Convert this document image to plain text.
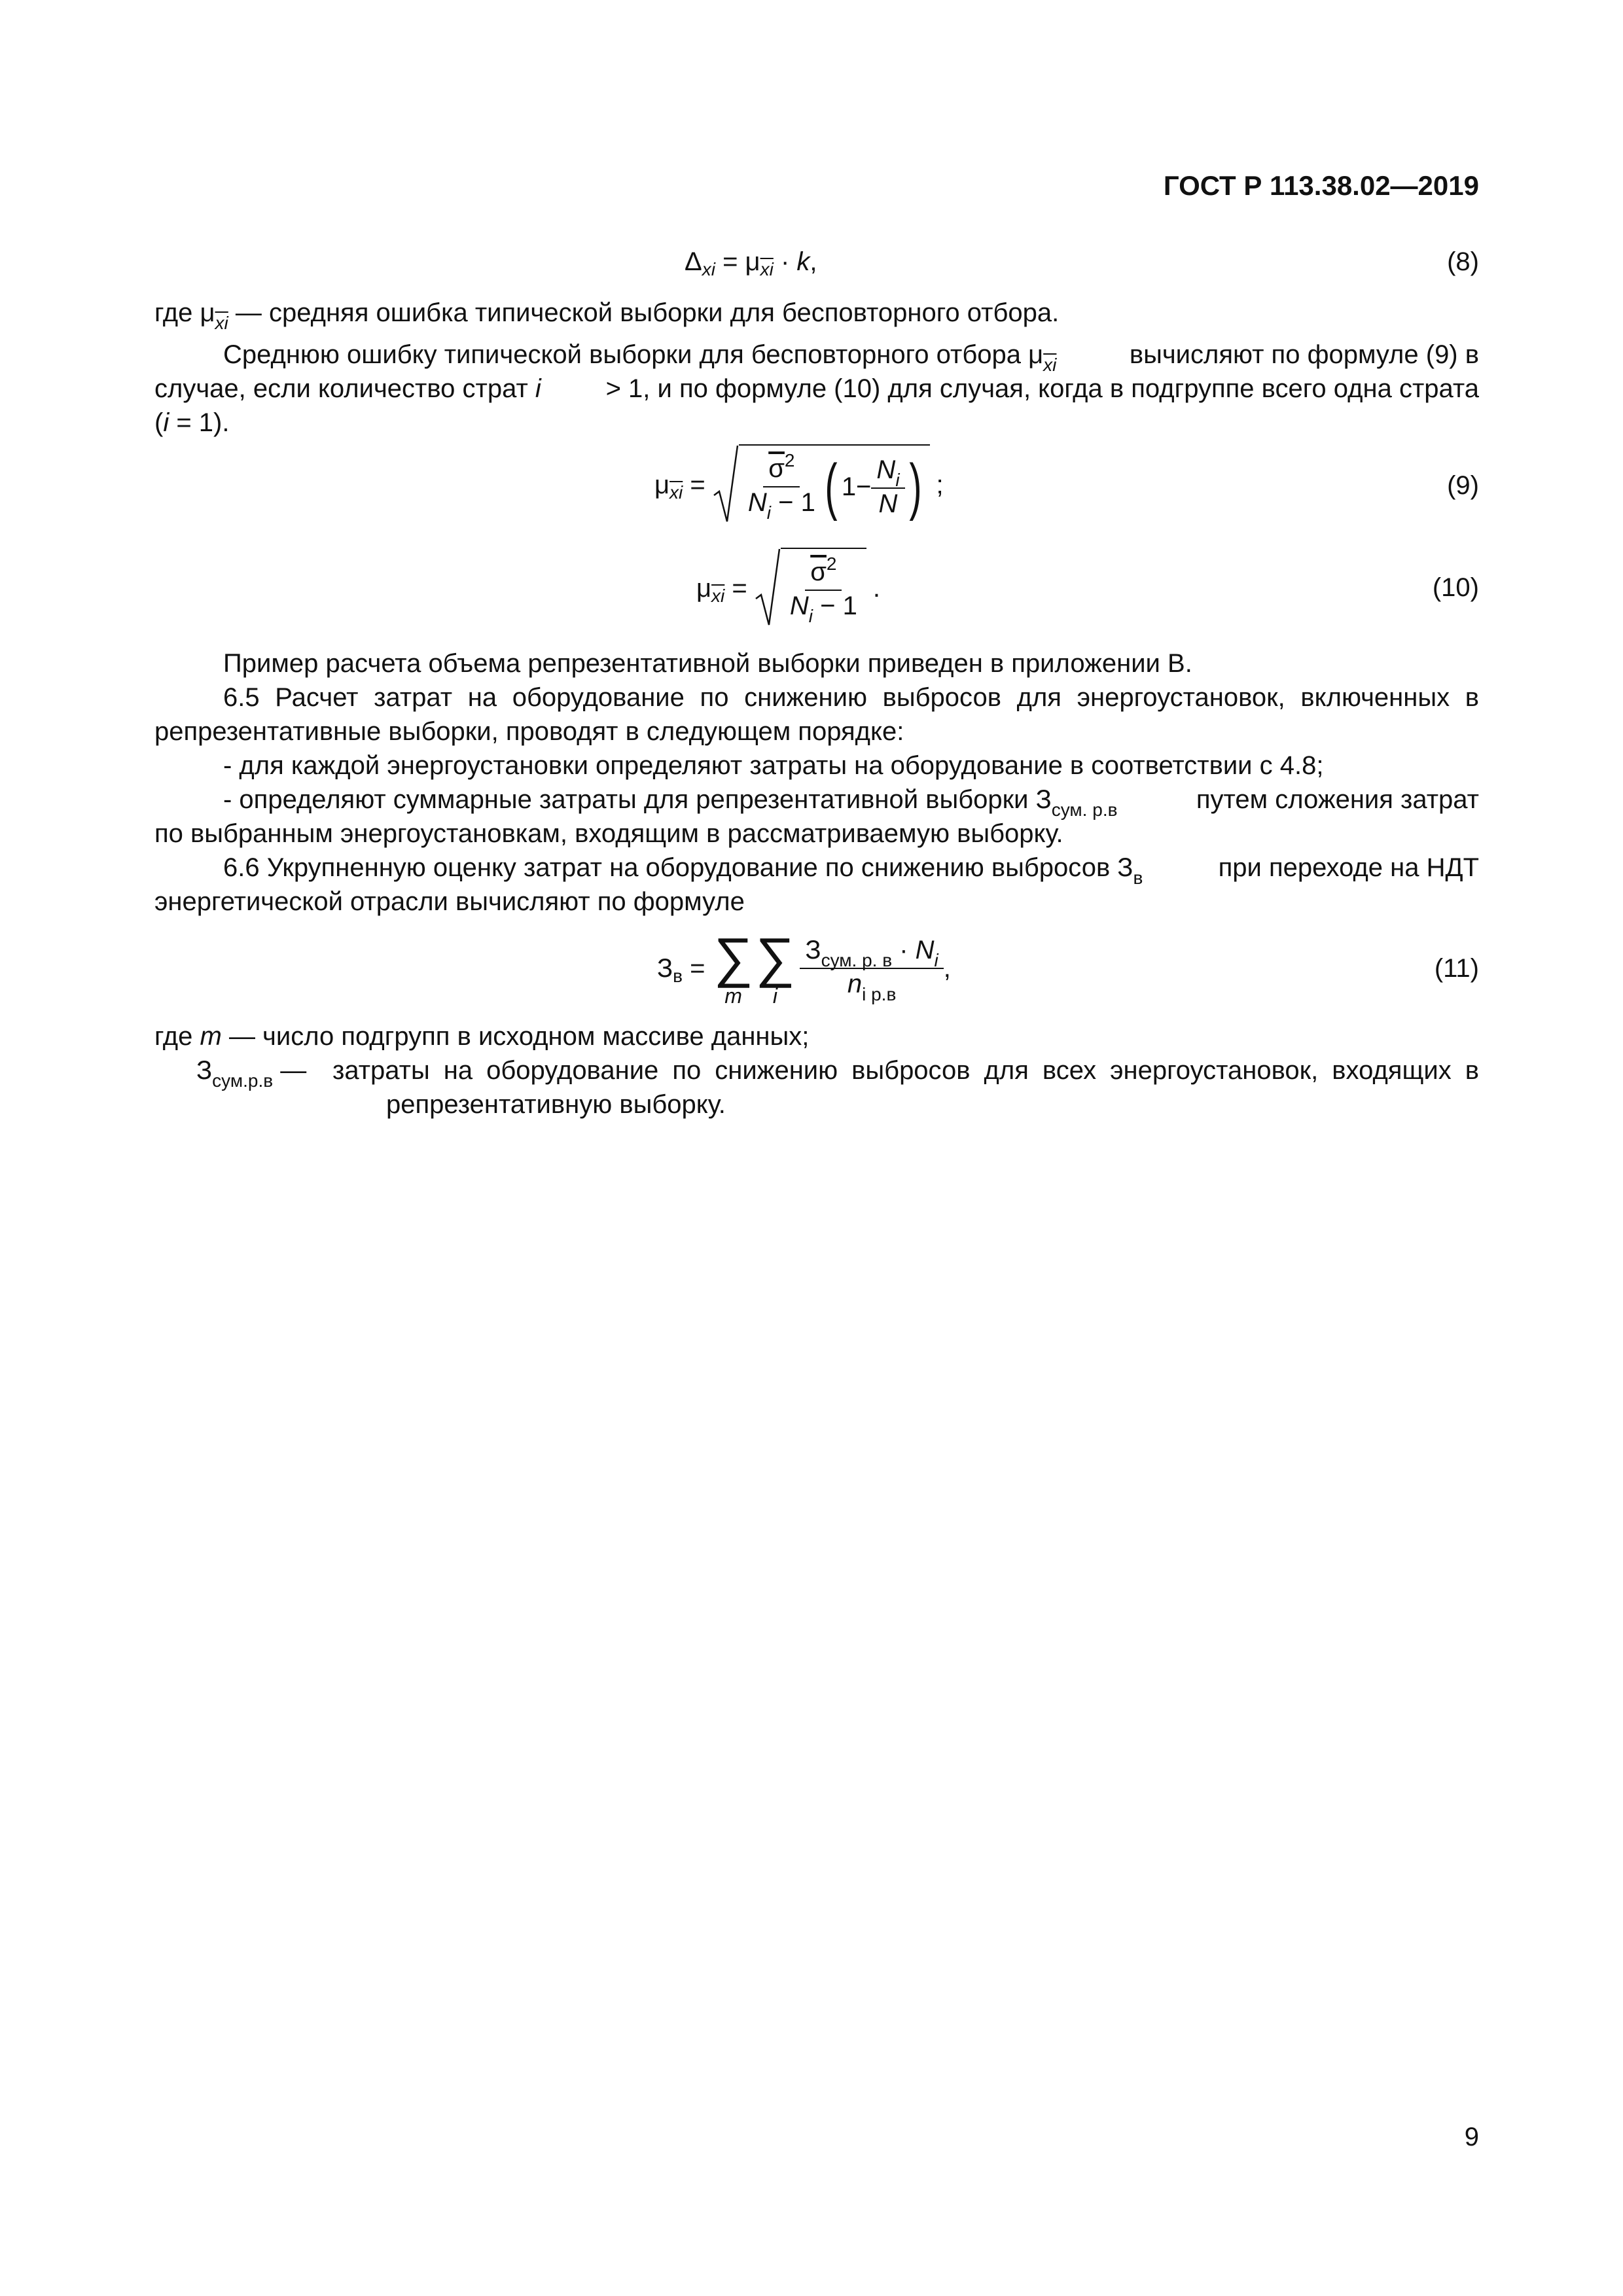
ГОСТ Р 113.38.02—2019
Δ xi = μ $\overline{xi} \cdot k$ ,	(8)
где $\mu_{\overline{xi}}$ — средняя ошибка типической выборки для бесповторного отбора.
Среднюю ошибку типической выборки для бесповторного отбора $\mu_{\overline{xi}}$	вычисляют по формуле (9) в
случае, если количество страт i > 1, и по формуле (10) для случая, когда в подгруппе всего одна страта
(i = 1).
μ $\overline{xi} = \frac{\overline{\sigma}^2}{N_i - 1}$ ( $1- \frac{N_i}{N}$ ) ;	(9)
μ $\overline{xi} = \frac{\overline{\sigma}^2}{N_i - 1}$ .	(10)
Пример расчета объема репрезентативной выборки приведен в приложении В.
6.5 Расчет затрат на оборудование по снижению выбросов для энергоустановок, включенных в
репрезентативные выборки, проводят в следующем порядке:
- для каждой энергоустановки определяют затраты на оборудование в соответствии с 4.8;
- определяют суммарные затраты для репрезентативной выборки $З_{сум. р.в}$	путем сложения затрат
по выбранным энергоустановкам, входящим в рассматриваемую выборку.
6.6 Укрупненную оценку затрат на оборудование по снижению выбросов $З_в$	при переходе на НДТ
энергетической отрасли вычисляют по формуле
З в = ∑
m
∑
i $\frac{З_{сум. р. в} \cdot N_i}{n_{i р.в}}$ ,	(11)
где m — число подгрупп в исходном массиве данных;
$З_{сум.р.в}$ — затраты на оборудование по снижению выбросов для всех энергоустановок, входящих в
репрезентативную выборку.
9
